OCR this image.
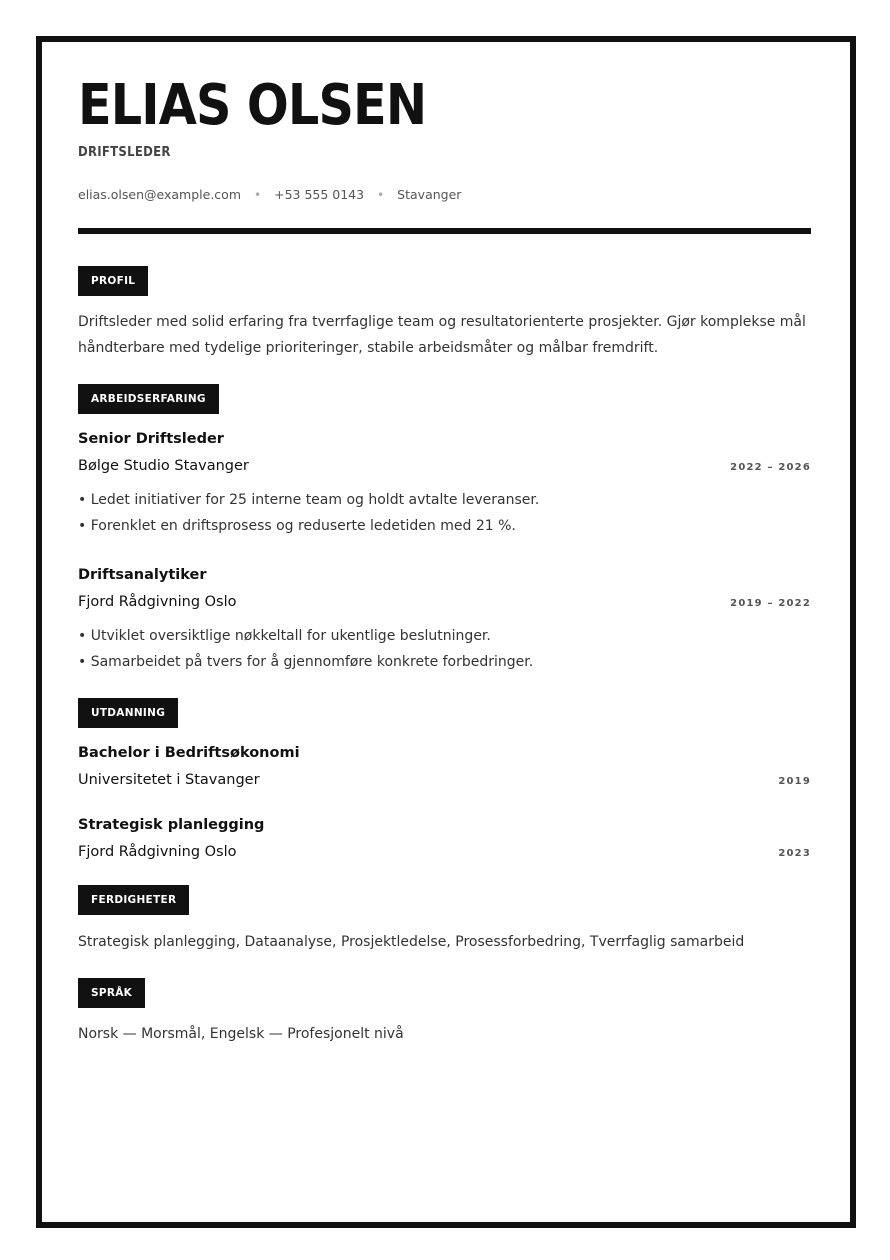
ELIAS OLSEN
DRIFTSLEDER
elias.olsen@example.com • +53 555 0143 • Stavanger
PROFIL

Driftsleder med solid erfaring fra tverrfaglige team og resultatorienterte prosjekter. Gjør komplekse mål håndterbare med tydelige prioriteringer, stabile arbeidsmåter og målbar fremdrift.

ARBEIDSERFARING
Senior Driftsleder
Bølge Studio Stavanger	2022 – 2026
• Ledet initiativer for 25 interne team og holdt avtalte leveranser.
• Forenklet en driftsprosess og reduserte ledetiden med 21 %.
Driftsanalytiker
Fjord Rådgivning Oslo	2019 – 2022
• Utviklet oversiktlige nøkkeltall for ukentlige beslutninger.
• Samarbeidet på tvers for å gjennomføre konkrete forbedringer.
UTDANNING
Bachelor i Bedriftsøkonomi
Universitetet i Stavanger	2019
Strategisk planlegging
Fjord Rådgivning Oslo	2023
FERDIGHETER

Strategisk planlegging, Dataanalyse, Prosjektledelse, Prosessforbedring, Tverrfaglig samarbeid

SPRÅK

Norsk — Morsmål, Engelsk — Profesjonelt nivå
